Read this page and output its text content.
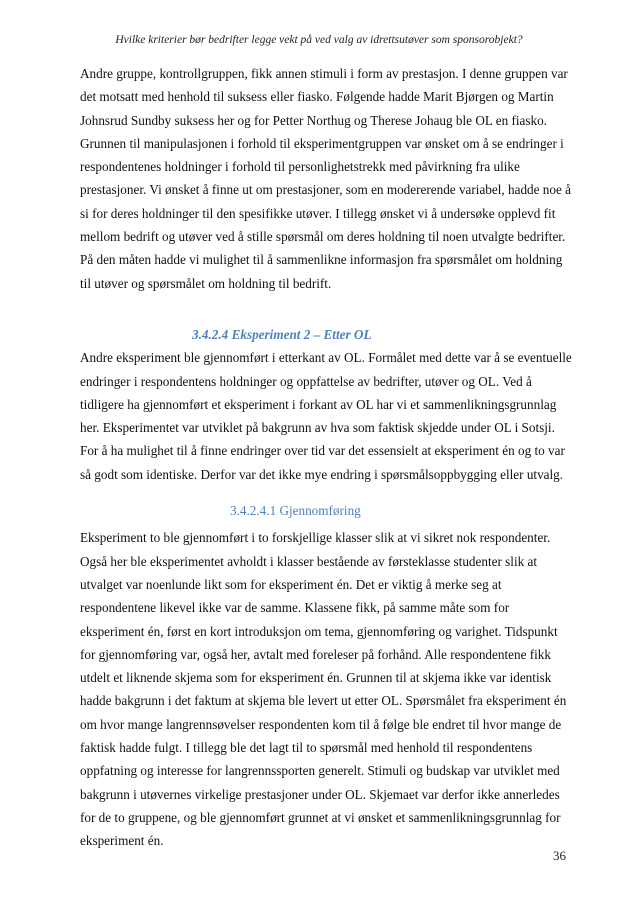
Hvilke kriterier bør bedrifter legge vekt på ved valg av idrettsutøver som sponsorobjekt?
Andre gruppe, kontrollgruppen, fikk annen stimuli i form av prestasjon. I denne gruppen var
det motsatt med henhold til suksess eller fiasko. Følgende hadde Marit Bjørgen og Martin
Johnsrud Sundby suksess her og for Petter Northug og Therese Johaug ble OL en fiasko.
Grunnen til manipulasjonen i forhold til eksperimentgruppen var ønsket om å se endringer i
respondentenes holdninger i forhold til personlighetstrekk med påvirkning fra ulike
prestasjoner. Vi ønsket å finne ut om prestasjoner, som en modererende variabel, hadde noe å
si for deres holdninger til den spesifikke utøver. I tillegg ønsket vi å undersøke opplevd fit
mellom bedrift og utøver ved å stille spørsmål om deres holdning til noen utvalgte bedrifter.
På den måten hadde vi mulighet til å sammenlikne informasjon fra spørsmålet om holdning
til utøver og spørsmålet om holdning til bedrift.
3.4.2.4 Eksperiment 2 – Etter OL
Andre eksperiment ble gjennomført i etterkant av OL. Formålet med dette var å se eventuelle
endringer i respondentens holdninger og oppfattelse av bedrifter, utøver og OL. Ved å
tidligere ha gjennomført et eksperiment i forkant av OL har vi et sammenlikningsgrunnlag
her. Eksperimentet var utviklet på bakgrunn av hva som faktisk skjedde under OL i Sotsji.
For å ha mulighet til å finne endringer over tid var det essensielt at eksperiment én og to var
så godt som identiske. Derfor var det ikke mye endring i spørsmålsoppbygging eller utvalg.
3.4.2.4.1 Gjennomføring
Eksperiment to ble gjennomført i to forskjellige klasser slik at vi sikret nok respondenter.
Også her ble eksperimentet avholdt i klasser bestående av førsteklasse studenter slik at
utvalget var noenlunde likt som for eksperiment én. Det er viktig å merke seg at
respondentene likevel ikke var de samme. Klassene fikk, på samme måte som for
eksperiment én, først en kort introduksjon om tema, gjennomføring og varighet. Tidspunkt
for gjennomføring var, også her, avtalt med foreleser på forhånd. Alle respondentene fikk
utdelt et liknende skjema som for eksperiment én. Grunnen til at skjema ikke var identisk
hadde bakgrunn i det faktum at skjema ble levert ut etter OL. Spørsmålet fra eksperiment én
om hvor mange langrennsøvelser respondenten kom til å følge ble endret til hvor mange de
faktisk hadde fulgt. I tillegg ble det lagt til to spørsmål med henhold til respondentens
oppfatning og interesse for langrennssporten generelt. Stimuli og budskap var utviklet med
bakgrunn i utøvernes virkelige prestasjoner under OL. Skjemaet var derfor ikke annerledes
for de to gruppene, og ble gjennomført grunnet at vi ønsket et sammenlikningsgrunnlag for
eksperiment én.
36
